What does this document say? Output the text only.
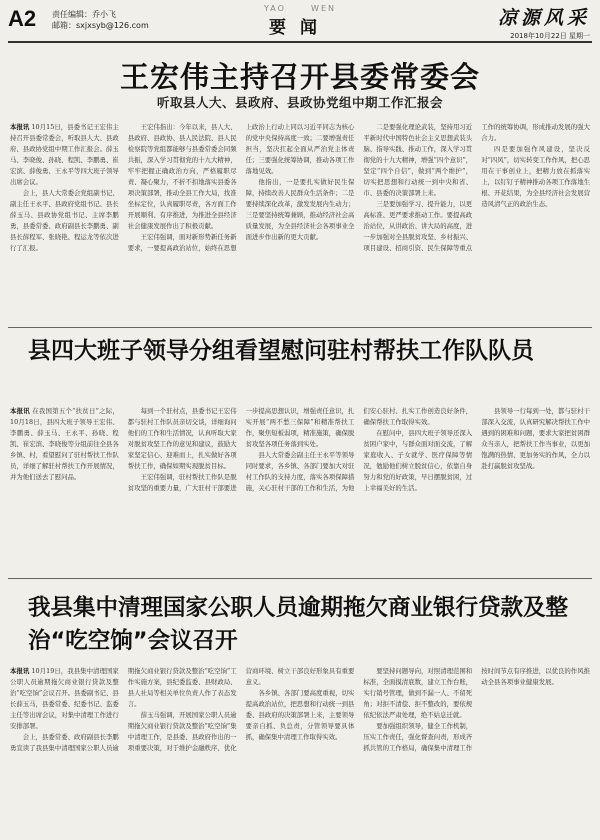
A2 责任编辑：乔小飞
邮箱：sxjxsyb@126.com
YAO	WEN
要闻	凉源风采
2018年10月22日 星期一
王宏伟主持召开县委常委会
听取县人大、县政府、县政协党组中期工作汇报会

本报讯 10月15日，县委书记王宏伟主持召开县委常委会，听取县人大、县政府、县政协党组中期工作汇报会。薛玉马、李晓俊、孙晓、程凯、李鹏勇、崔宏滨、薛俊勇、王永平等四大班子领导出席会议。

会上，县人大常委会党组副书记、副主任王永平、县政府党组书记、县长薛玉马、县政协党组书记、主席李鹏勇，县委常委、政府副县长李鹏勇、副县长薛程军、张晓艳、程运龙等依次进行了汇报。

王宏伟指出：今年以来，县人大、县政府、县政协、县人民法院、县人民检察院等党组都能够与县委常委会同频共振，深入学习贯彻党的十九大精神，牢牢把握正确政治方向，严格履职尽责、凝心聚力，不折不扣地落实县委各项决策部署，推动全县工作大局，找准坐标定位，认真履职尽责，各方面工作开展顺利、有序推进，为推进全县经济社会健康发展作出了积极贡献。

王宏伟强调，面对新形势新任务新要求，一要提高政治站位，始终在思想上政治上行动上同以习近平同志为核心的党中央保持高度一致；二要增强责任担当，坚决扛起全面从严治党主体责任；三要强化统筹协调，推动各项工作落地见效。

他指出，一是要扎实做好民生保障，持续改善人民群众生活条件；二是要持续深化改革，激发发展内生动力；三是要坚持统筹兼顾，推动经济社会高质量发展，为全县经济社会各项事业全面进步作出新的更大贡献。

二是要强化理论武装，坚持用习近平新时代中国特色社会主义思想武装头脑、指导实践、推动工作，深入学习贯彻党的十九大精神，增强“四个意识”，坚定“四个自信”，做到“两个维护”，切实把思想和行动统一到中央和省、市、县委的决策部署上来。

三是要加强学习、提升能力，以更高标准、更严要求推动工作。要提高政治站位，从讲政治、讲大局的高度，进一步加强对全县脱贫攻坚、乡村振兴、项目建设、招商引资、民生保障等重点工作的统筹协调，形成推动发展的强大合力。

四是要加强作风建设，坚决反对“四风”，切实转变工作作风，把心思用在干事创业上，把精力放在抓落实上，以钉钉子精神推动各项工作落地生根、开花结果，为全县经济社会发展营造风清气正的政治生态。

县四大班子领导分组看望慰问驻村帮扶工作队队员

本报讯 在我国第五个“扶贫日”之际，10月18日，县四大班子领导王宏伟、李鹏勇、薛玉马、王永平、孙晓、程凯、崔宏滨、李晓俊等分组前往全县各乡镇、村，看望慰问了驻村帮扶工作队员，详细了解驻村帮扶工作开展情况，并为他们送去了慰问品。

每到一个驻村点，县委书记王宏伟都与驻村工作队员亲切交谈，详细询问他们的工作和生活情况，认真听取大家对脱贫攻坚工作的意见和建议，鼓励大家坚定信心、迎难而上，扎实做好各项帮扶工作，确保如期实现脱贫目标。

王宏伟强调，驻村帮扶工作队是脱贫攻坚的重要力量，广大驻村干部要进一步提高思想认识，增强责任意识，扎实开展“两不愁三保障”和精准帮扶工作，聚焦短板弱项，精准施策，确保脱贫攻坚各项任务落到实处。

县人大常委会副主任王永平等领导同时要求，各乡镇、各部门要加大对驻村工作队的支持力度，落实各项保障措施，关心驻村干部的工作和生活，为他们安心驻村、扎实工作创造良好条件，确保帮扶工作取得实效。

在慰问中，县四大班子领导还深入贫困户家中，与群众面对面交流，了解家庭收入、子女就学、医疗保障等情况，勉励他们树立脱贫信心，依靠自身努力和党的好政策，早日摆脱贫困，过上幸福美好的生活。

县领导一行每到一处，都与驻村干部深入交流，认真研究解决帮扶工作中遇到的困难和问题，要求大家把贫困群众当亲人，把帮扶工作当事业，以更加饱满的热情、更加务实的作风，全力以赴打赢脱贫攻坚战。

我县集中清理国家公职人员逾期拖欠商业银行贷款及整治“吃空饷”会议召开

本报讯 10月19日，我县集中清理国家公职人员逾期拖欠商业银行贷款及整治“吃空饷”会议召开。县委副书记、县长薛玉马，县委常委、纪委书记、监委主任等出席会议，对集中清理工作进行安排部署。

会上，县委常委、政府副县长李鹏勇宣读了我县集中清理国家公职人员逾期拖欠商业银行贷款及整治“吃空饷”工作实施方案，县纪委监委、县财政局、县人社局等相关单位负责人作了表态发言。

薛玉马强调，开展国家公职人员逾期拖欠商业银行贷款及整治“吃空饷”集中清理工作，是县委、县政府作出的一项重要决策，对于维护金融秩序、优化营商环境、树立干部良好形象具有重要意义。

各乡镇、各部门要高度重视，切实提高政治站位，把思想和行动统一到县委、县政府的决策部署上来，主要领导要亲自抓、负总责，分管领导要具体抓，确保集中清理工作取得实效。

要坚持问题导向，对照清理范围和标准，全面摸清底数，建立工作台账，实行销号管理，做到不漏一人、不留死角；对拒不清偿、拒不整改的，要依规依纪依法严肃处理，绝不姑息迁就。

要加强组织领导，健全工作机制，压实工作责任，强化督查问责，形成齐抓共管的工作格局，确保集中清理工作按时间节点有序推进，以优良的作风推动全县各项事业健康发展。
